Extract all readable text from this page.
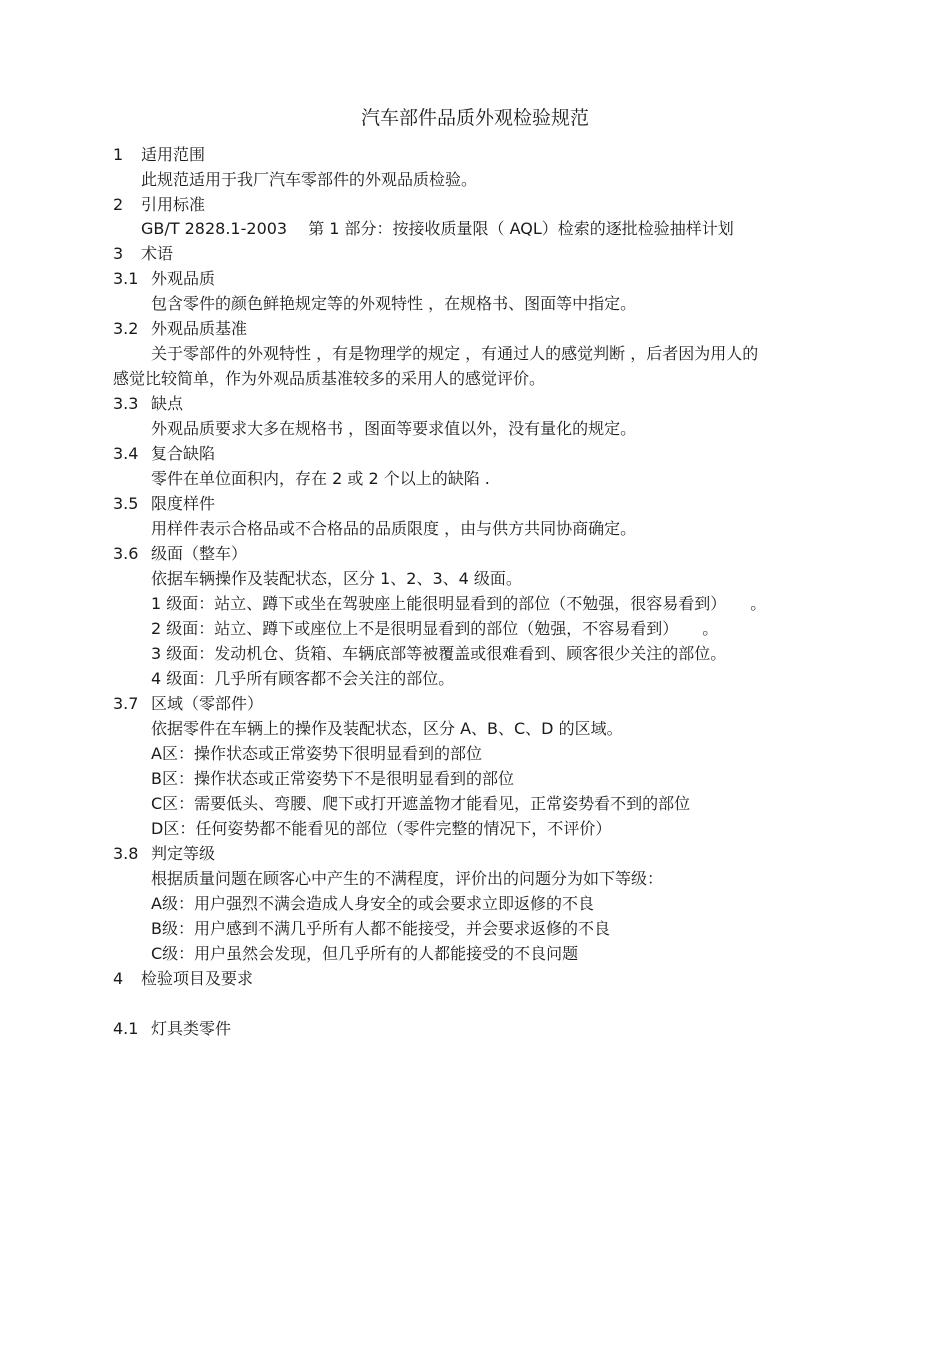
汽车部件品质外观检验规范
1 适用范围
此规范适用于我厂汽车零部件的外观品质检验。
2 引用标准
GB/T 2828.1-2003　 第 1 部分：按接收质量限（ AQL）检索的逐批检验抽样计划
3 术语
3.1 外观品质
包含零件的颜色鲜艳规定等的外观特性 ，在规格书、图面等中指定。
3.2 外观品质基准
关于零部件的外观特性 ，有是物理学的规定 ，有通过人的感觉判断 ，后者因为用人的
感觉比较简单，作为外观品质基准较多的采用人的感觉评价。
3.3 缺点
外观品质要求大多在规格书 ，图面等要求值以外，没有量化的规定。
3.4 复合缺陷
零件在单位面积内，存在 2 或 2 个以上的缺陷 .
3.5 限度样件
用样件表示合格品或不合格品的品质限度 ，由与供方共同协商确定。
3.6 级面（整车）
依据车辆操作及装配状态，区分 1、2、3、4 级面。
1 级面：站立、蹲下或坐在驾驶座上能很明显看到的部位（不勉强，很容易看到）　　。
2 级面：站立、蹲下或座位上不是很明显看到的部位（勉强，不容易看到）　　。
3 级面：发动机仓、货箱、车辆底部等被覆盖或很难看到、顾客很少关注的部位。
4 级面：几乎所有顾客都不会关注的部位。
3.7 区域（零部件）
依据零件在车辆上的操作及装配状态，区分 A、B、C、D 的区域。
A区：操作状态或正常姿势下很明显看到的部位
B区：操作状态或正常姿势下不是很明显看到的部位
C区：需要低头、弯腰、爬下或打开遮盖物才能看见，正常姿势看不到的部位
D区：任何姿势都不能看见的部位（零件完整的情况下，不评价）
3.8 判定等级
根据质量问题在顾客心中产生的不满程度，评价出的问题分为如下等级：
A级：用户强烈不满会造成人身安全的或会要求立即返修的不良
B级：用户感到不满几乎所有人都不能接受，并会要求返修的不良
C级：用户虽然会发现，但几乎所有的人都能接受的不良问题
4 检验项目及要求
4.1 灯具类零件
